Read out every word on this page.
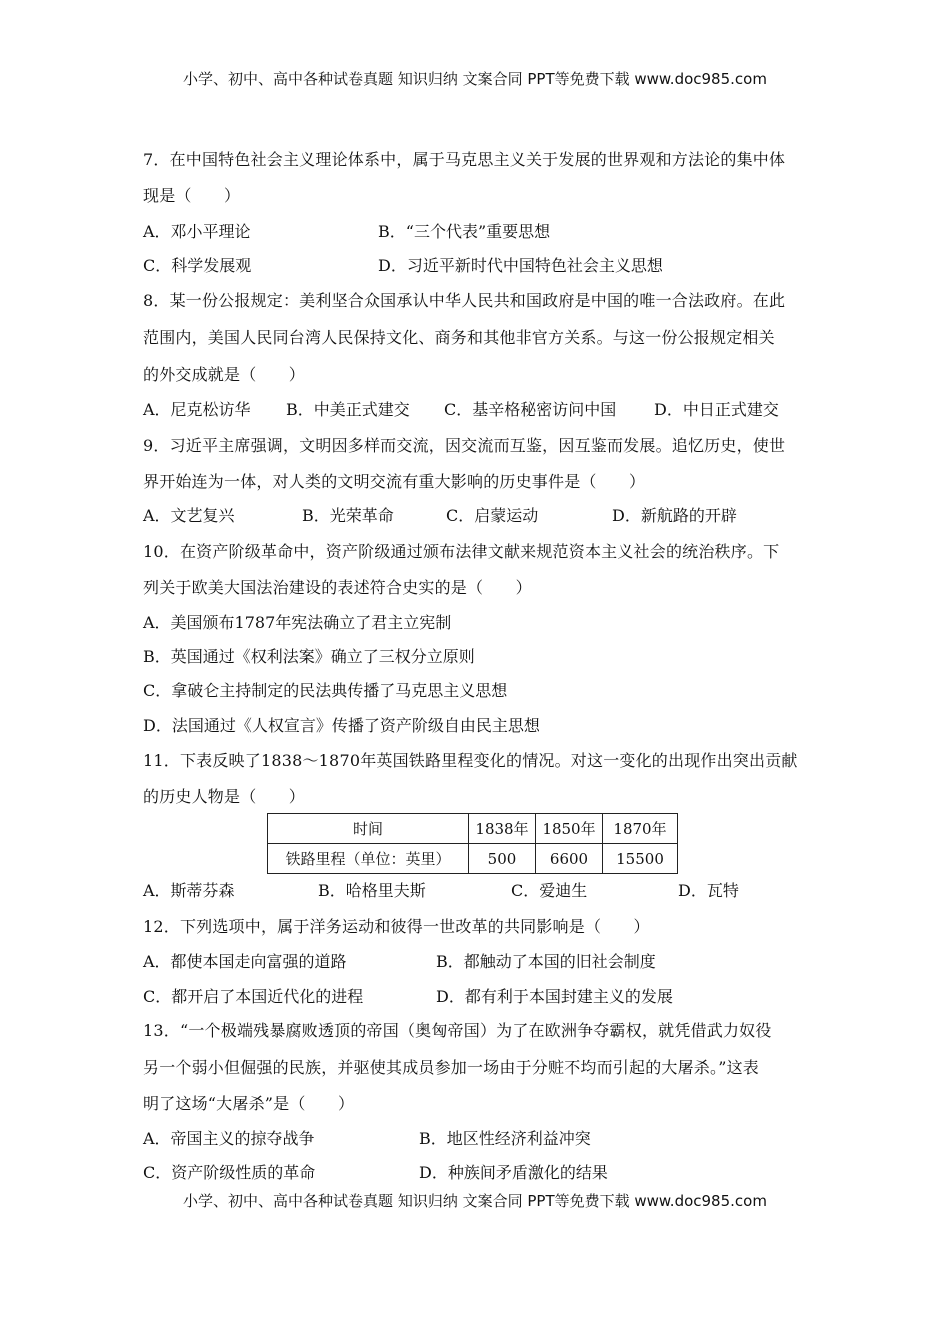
小学、初中、高中各种试卷真题 知识归纳 文案合同 PPT等免费下载 www.doc985.com
7．在中国特色社会主义理论体系中，属于马克思主义关于发展的世界观和方法论的集中体
现是（　　）
A．邓小平理论	B．“三个代表”重要思想
C．科学发展观	D．习近平新时代中国特色社会主义思想
8．某一份公报规定：美利坚合众国承认中华人民共和国政府是中国的唯一合法政府。在此
范围内，美国人民同台湾人民保持文化、商务和其他非官方关系。与这一份公报规定相关
的外交成就是（　　）
A．尼克松访华 B．中美正式建交 C．基辛格秘密访问中国 D．中日正式建交
9．习近平主席强调，文明因多样而交流，因交流而互鉴，因互鉴而发展。追忆历史，使世
界开始连为一体，对人类的文明交流有重大影响的历史事件是（　　）
A．文艺复兴	B．光荣革命	C．启蒙运动	D．新航路的开辟
10．在资产阶级革命中，资产阶级通过颁布法律文献来规范资本主义社会的统治秩序。下
列关于欧美大国法治建设的表述符合史实的是（　　）
A．美国颁布1787年宪法确立了君主立宪制
B．英国通过《权利法案》确立了三权分立原则
C．拿破仑主持制定的民法典传播了马克思主义思想
D．法国通过《人权宣言》传播了资产阶级自由民主思想
11．下表反映了1838～1870年英国铁路里程变化的情况。对这一变化的出现作出突出贡献
的历史人物是（　　）
A．斯蒂芬森	B．哈格里夫斯	C．爱迪生	D．瓦特
12．下列选项中，属于洋务运动和彼得一世改革的共同影响是（　　）
A．都使本国走向富强的道路	B．都触动了本国的旧社会制度
C．都开启了本国近代化的进程	D．都有利于本国封建主义的发展
13．“一个极端残暴腐败透顶的帝国（奥匈帝国）为了在欧洲争夺霸权，就凭借武力奴役
另一个弱小但倔强的民族，并驱使其成员参加一场由于分赃不均而引起的大屠杀。”这表
明了这场“大屠杀”是（　　）
A．帝国主义的掠夺战争	B．地区性经济利益冲突
C．资产阶级性质的革命	D．种族间矛盾激化的结果
时间	1838年	1850年	1870年
铁路里程（单位：英里）	500	6600	15500
小学、初中、高中各种试卷真题 知识归纳 文案合同 PPT等免费下载 www.doc985.com
